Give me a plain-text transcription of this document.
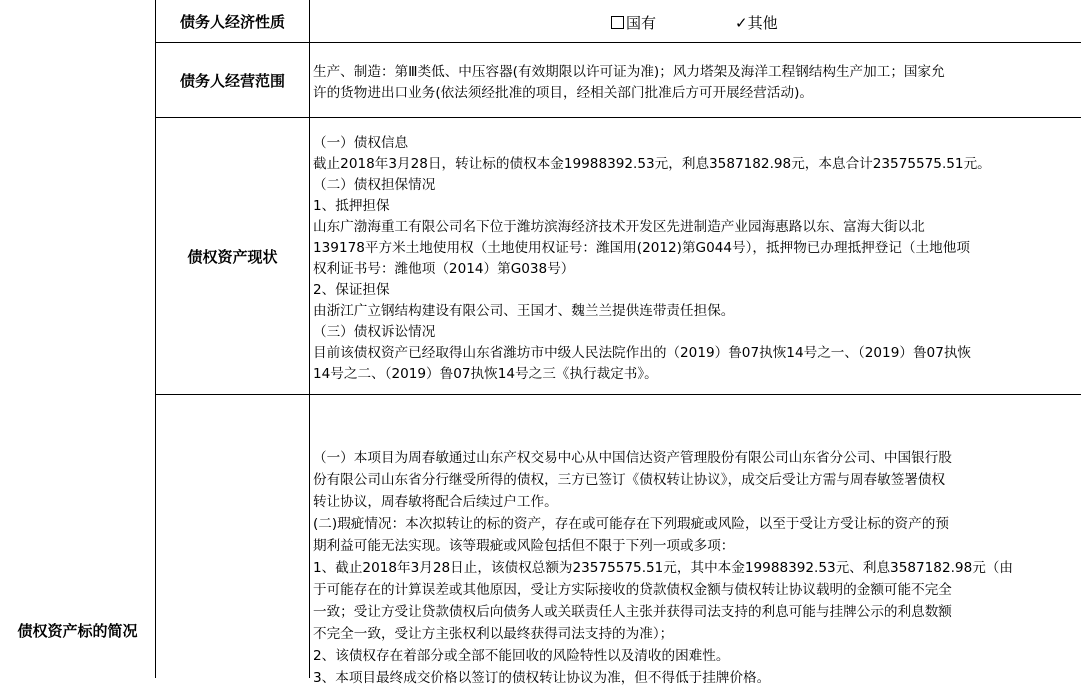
债权资产标的简况
债务人经济性质
债务人经营范围
债权资产现状
国有	✓其他
生产、制造：第Ⅲ类低、中压容器(有效期限以许可证为准)；风力塔架及海洋工程钢结构生产加工；国家允
许的货物进出口业务(依法须经批准的项目，经相关部门批准后方可开展经营活动)。
（一）债权信息
截止2018年3月28日，转让标的债权本金19988392.53元，利息3587182.98元，本息合计23575575.51元。
（二）债权担保情况
1、抵押担保
山东广渤海重工有限公司名下位于潍坊滨海经济技术开发区先进制造产业园海惠路以东、富海大街以北
139178平方米土地使用权（土地使用权证号：潍国用(2012)第G044号），抵押物已办理抵押登记（土地他项
权利证书号：潍他项（2014）第G038号）
2、保证担保
由浙江广立钢结构建设有限公司、王国才、魏兰兰提供连带责任担保。
（三）债权诉讼情况
目前该债权资产已经取得山东省潍坊市中级人民法院作出的（2019）鲁07执恢14号之一、（2019）鲁07执恢
14号之二、（2019）鲁07执恢14号之三《执行裁定书》。
（一）本项目为周春敏通过山东产权交易中心从中国信达资产管理股份有限公司山东省分公司、中国银行股
份有限公司山东省分行继受所得的债权，三方已签订《债权转让协议》，成交后受让方需与周春敏签署债权
转让协议，周春敏将配合后续过户工作。
(二)瑕疵情况：本次拟转让的标的资产，存在或可能存在下列瑕疵或风险，以至于受让方受让标的资产的预
期利益可能无法实现。该等瑕疵或风险包括但不限于下列一项或多项：
1、截止2018年3月28日止，该债权总额为23575575.51元，其中本金19988392.53元、利息3587182.98元（由
于可能存在的计算误差或其他原因，受让方实际接收的贷款债权金额与债权转让协议载明的金额可能不完全
一致；受让方受让贷款债权后向债务人或关联责任人主张并获得司法支持的利息可能与挂牌公示的利息数额
不完全一致，受让方主张权利以最终获得司法支持的为准）；
2、该债权存在着部分或全部不能回收的风险特性以及清收的困难性。
3、本项目最终成交价格以签订的债权转让协议为准，但不得低于挂牌价格。
